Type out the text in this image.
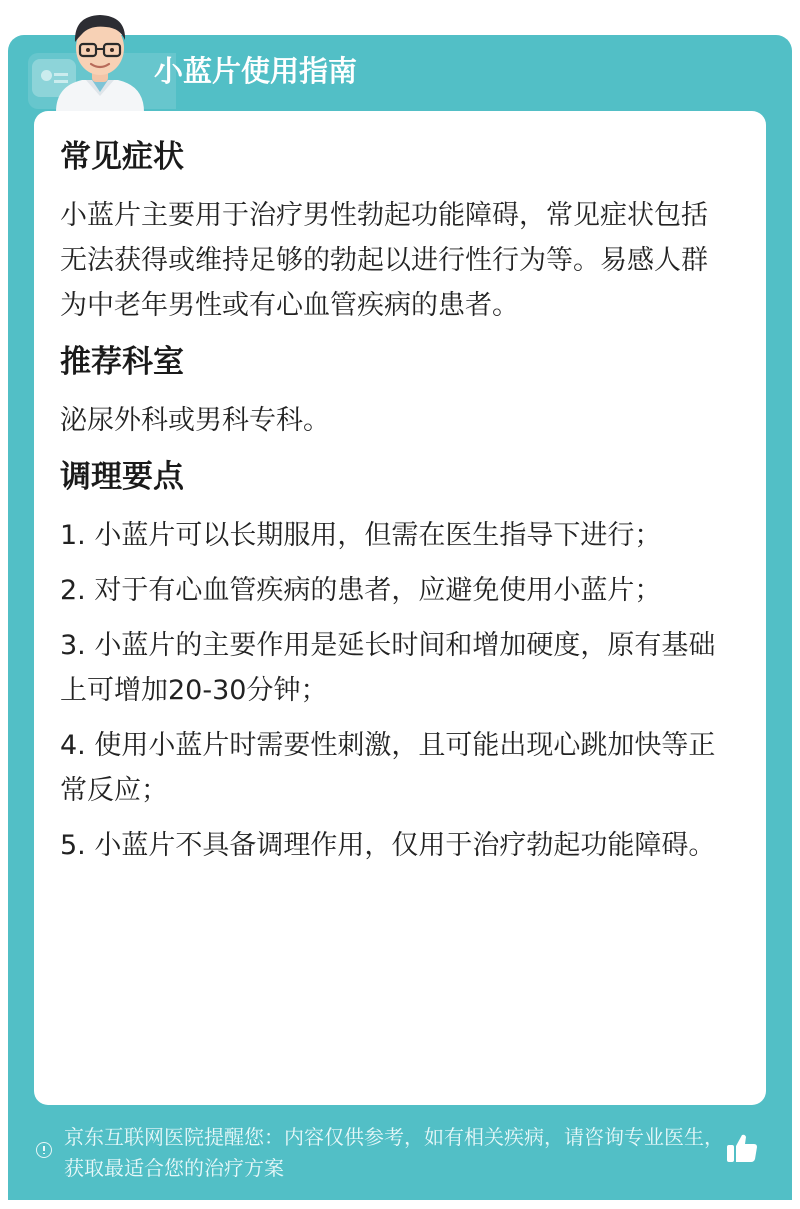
小蓝片使用指南
常见症状

小蓝片主要用于治疗男性勃起功能障碍，常见症状包括无法获得或维持足够的勃起以进行性行为等。易感人群为中老年男性或有心血管疾病的患者。

推荐科室

泌尿外科或男科专科。

调理要点

1. 小蓝片可以长期服用，但需在医生指导下进行；

2. 对于有心血管疾病的患者，应避免使用小蓝片；

3. 小蓝片的主要作用是延长时间和增加硬度，原有基础上可增加20-30分钟；

4. 使用小蓝片时需要性刺激，且可能出现心跳加快等正常反应；

5. 小蓝片不具备调理作用，仅用于治疗勃起功能障碍。

京东互联网医院提醒您：内容仅供参考，如有相关疾病，请咨询专业医生，获取最适合您的治疗方案
